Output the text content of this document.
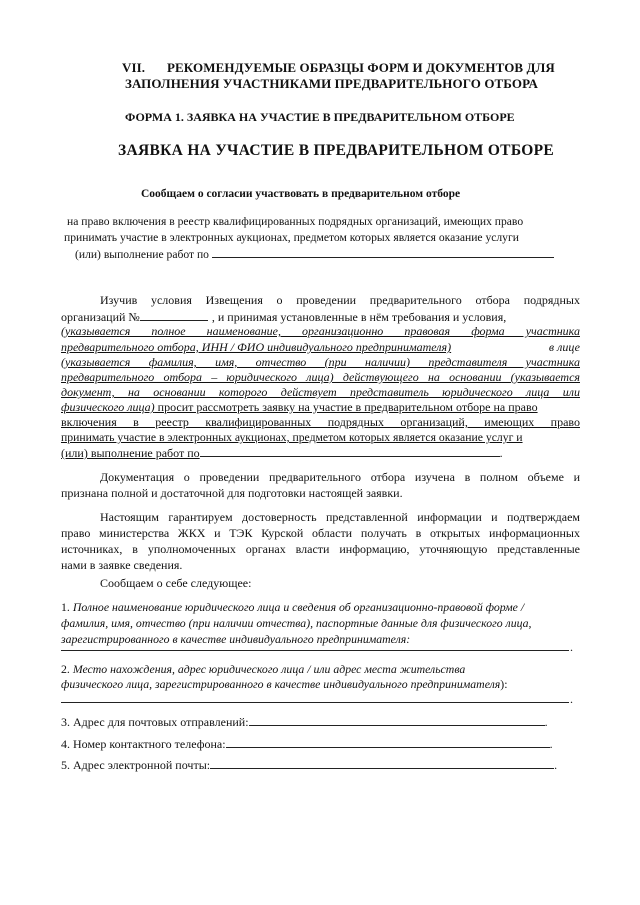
VII. РЕКОМЕНДУЕМЫЕ ОБРАЗЦЫ ФОРМ И ДОКУМЕНТОВ ДЛЯ
ЗАПОЛНЕНИЯ УЧАСТНИКАМИ ПРЕДВАРИТЕЛЬНОГО ОТБОРА
ФОРМА 1. ЗАЯВКА НА УЧАСТИЕ В ПРЕДВАРИТЕЛЬНОМ ОТБОРЕ
ЗАЯВКА НА УЧАСТИЕ В ПРЕДВАРИТЕЛЬНОМ ОТБОРЕ
Сообщаем о согласии участвовать в предварительном отборе
на право включения в реестр квалифицированных подрядных организаций, имеющих право
принимать участие в электронных аукционах, предметом которых является оказание услуги
(или) выполнение работ по
Изучив условия Извещения о проведении предварительного отбора подрядных
организаций №	, и принимая установленные в нём требования и условия,
(указывается полное наименование, организационно правовая форма участника
предварительного отбора, ИНН / ФИО индивидуального предпринимателя)	в лице
(указывается фамилия, имя, отчество (при наличии) представителя участника
предварительного отбора – юридического лица) действующего на основании (указывается
документ, на основании которого действует представитель юридического лица или
физического лица) просит рассмотреть заявку на участие в предварительном отборе на право
включения в реестр квалифицированных подрядных организаций, имеющих право
принимать участие в электронных аукционах, предметом которых является оказание услуг и
(или) выполнение работ по	.
Документация о проведении предварительного отбора изучена в полном объеме и
признана полной и достаточной для подготовки настоящей заявки.
Настоящим гарантируем достоверность представленной информации и подтверждаем
право министерства ЖКХ и ТЭК Курской области получать в открытых информационных
источниках, в уполномоченных органах власти информацию, уточняющую представленные
нами в заявке сведения.
Сообщаем о себе следующее:
1. Полное наименование юридического лица и сведения об организационно-правовой форме /
фамилия, имя, отчество (при наличии отчества), паспортные данные для физического лица,
зарегистрированного в качестве индивидуального предпринимателя:
.
2. Место нахождения, адрес юридического лица / или адрес места жительства
физического лица, зарегистрированного в качестве индивидуального предпринимателя):
.
3. Адрес для почтовых отправлений:	.
4. Номер контактного телефона:	.
5. Адрес электронной почты:	.
